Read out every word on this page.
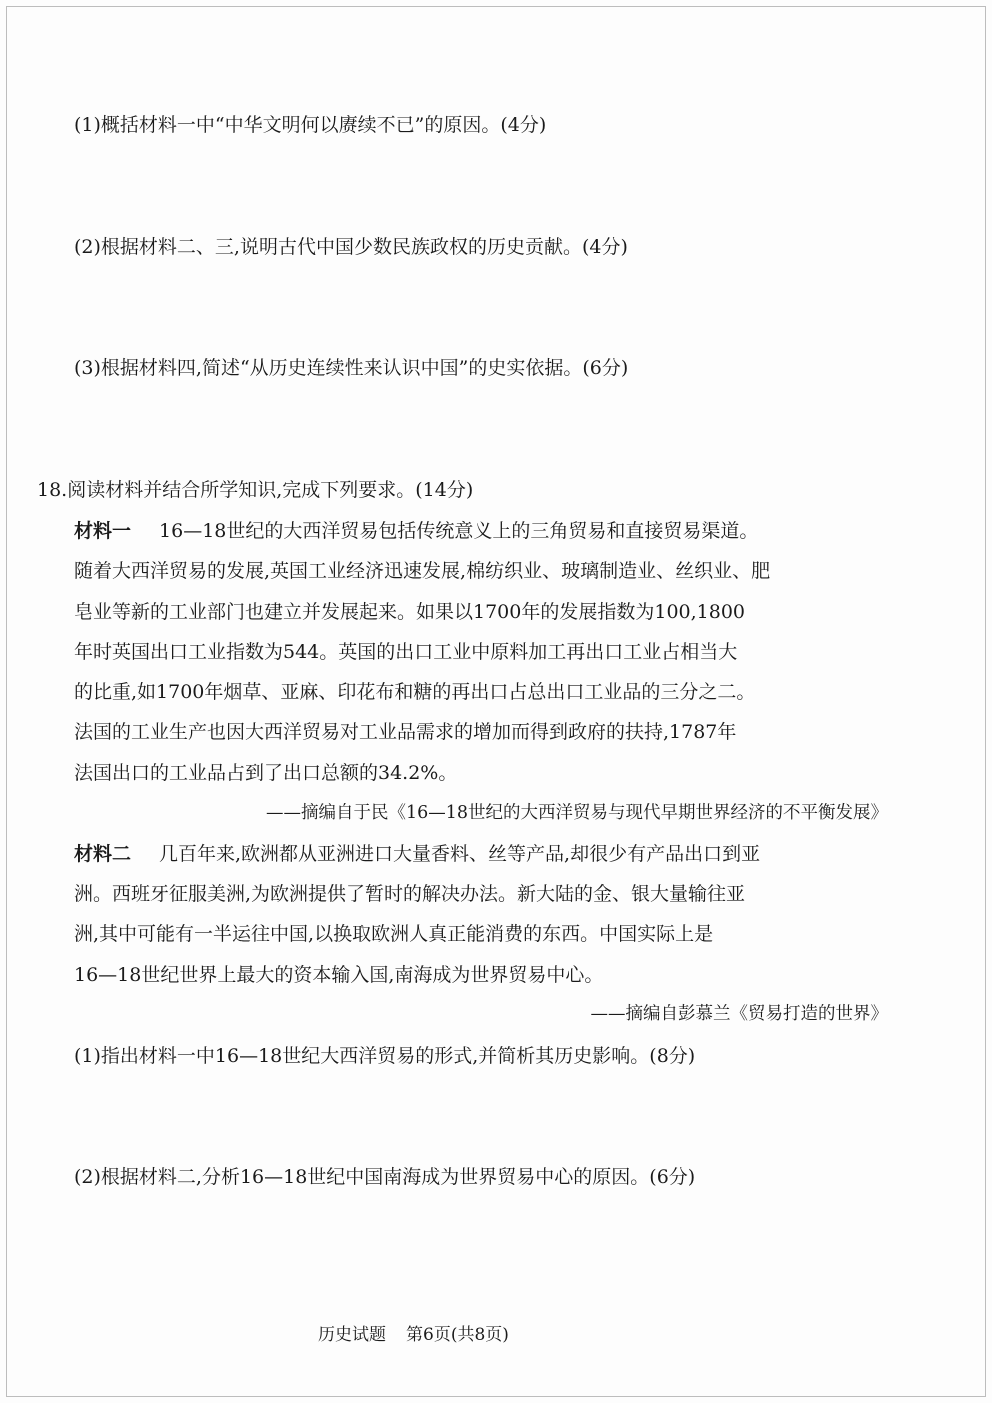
(1)概括材料一中“中华文明何以赓续不已”的原因。(4分)
(2)根据材料二、三,说明古代中国少数民族政权的历史贡献。(4分)
(3)根据材料四,简述“从历史连续性来认识中国”的史实依据。(6分)
18.阅读材料并结合所学知识,完成下列要求。(14分)
材料一 16—18世纪的大西洋贸易包括传统意义上的三角贸易和直接贸易渠道。
随着大西洋贸易的发展,英国工业经济迅速发展,棉纺织业、玻璃制造业、丝织业、肥
皂业等新的工业部门也建立并发展起来。如果以1700年的发展指数为100,1800
年时英国出口工业指数为544。英国的出口工业中原料加工再出口工业占相当大
的比重,如1700年烟草、亚麻、印花布和糖的再出口占总出口工业品的三分之二。
法国的工业生产也因大西洋贸易对工业品需求的增加而得到政府的扶持,1787年
法国出口的工业品占到了出口总额的34.2%。
——摘编自于民《16—18世纪的大西洋贸易与现代早期世界经济的不平衡发展》
材料二 几百年来,欧洲都从亚洲进口大量香料、丝等产品,却很少有产品出口到亚
洲。西班牙征服美洲,为欧洲提供了暂时的解决办法。新大陆的金、银大量输往亚
洲,其中可能有一半运往中国,以换取欧洲人真正能消费的东西。中国实际上是
16—18世纪世界上最大的资本输入国,南海成为世界贸易中心。
——摘编自彭慕兰《贸易打造的世界》
(1)指出材料一中16—18世纪大西洋贸易的形式,并简析其历史影响。(8分)
(2)根据材料二,分析16—18世纪中国南海成为世界贸易中心的原因。(6分)
历史试题 第6页(共8页)
